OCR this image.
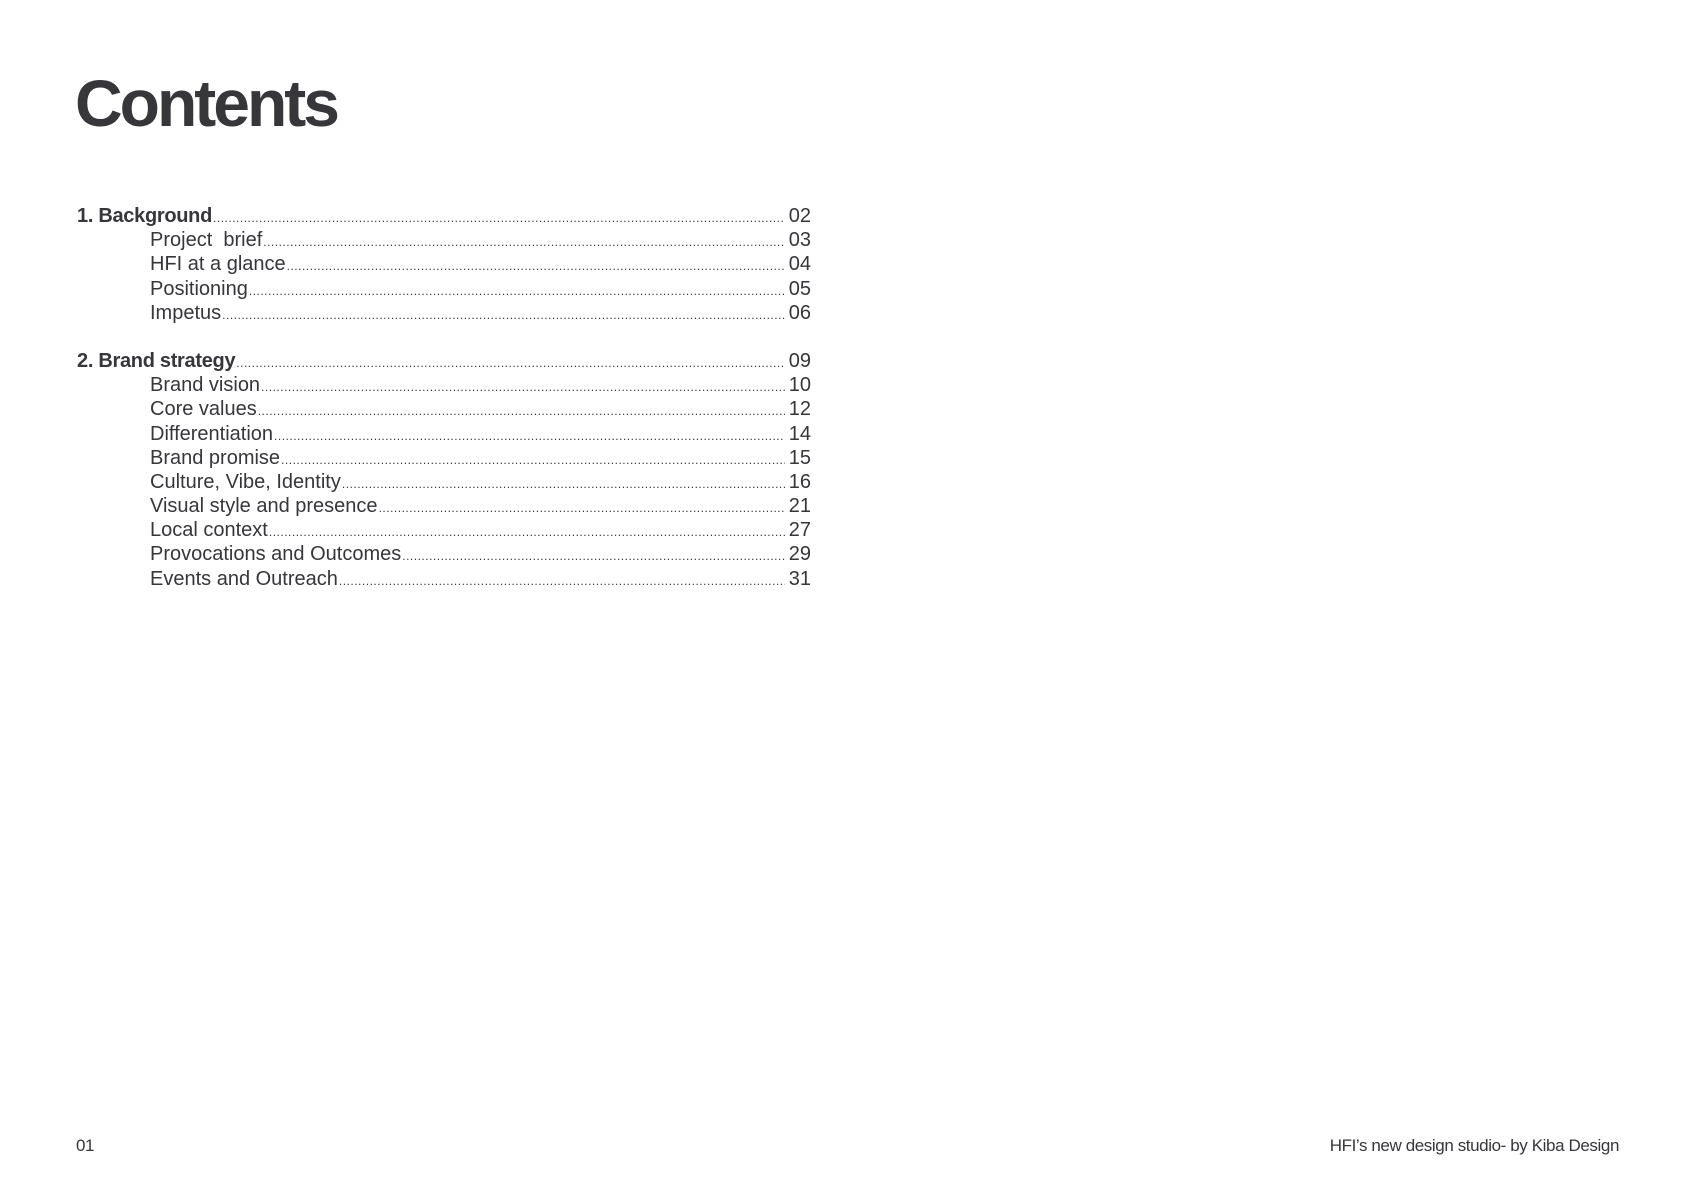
Contents
1. Background .....	02
Project  brief .....	03
HFI at a glance .....	04
Positioning .....	05
Impetus .....	06
2. Brand strategy .....	09
Brand vision .....	10
Core values .....	12
Differentiation .....	14
Brand promise .....	15
Culture, Vibe, Identity .....	16
Visual style and presence .....	21
Local context .....	27
Provocations and Outcomes .....	29
Events and Outreach .....	31
01	HFI’s new design studio- by Kiba Design
